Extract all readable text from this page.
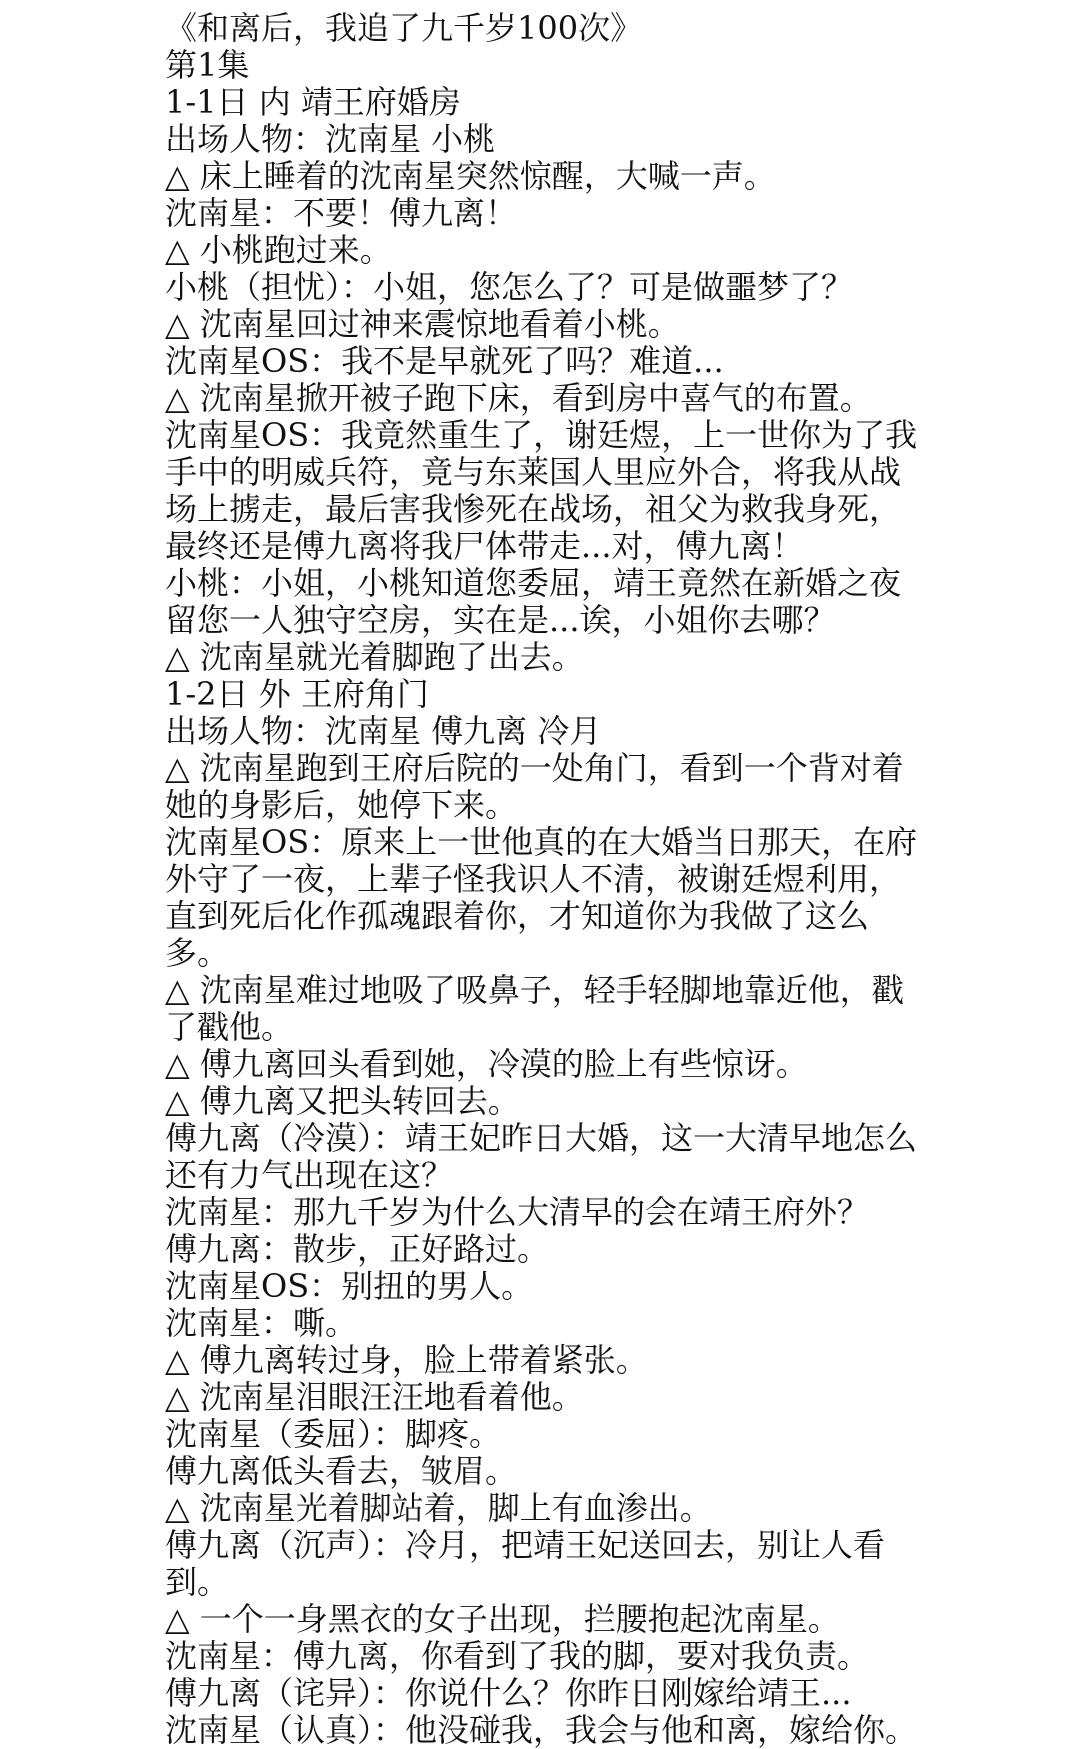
《和离后，我追了九千岁100次》

第1集

1-1日 内 靖王府婚房

出场人物：沈南星 小桃

△ 床上睡着的沈南星突然惊醒，大喊一声。

沈南星：不要！傅九离！

△ 小桃跑过来。

小桃（担忧）：小姐，您怎么了？可是做噩梦了？

△ 沈南星回过神来震惊地看着小桃。

沈南星OS：我不是早就死了吗？难道...

△ 沈南星掀开被子跑下床，看到房中喜气的布置。

沈南星OS：我竟然重生了，谢廷煜，上一世你为了我手中的明威兵符，竟与东莱国人里应外合，将我从战场上掳走，最后害我惨死在战场，祖父为救我身死，最终还是傅九离将我尸体带走...对，傅九离！

小桃：小姐，小桃知道您委屈，靖王竟然在新婚之夜留您一人独守空房，实在是...诶，小姐你去哪？

△ 沈南星就光着脚跑了出去。

1-2日 外 王府角门

出场人物：沈南星 傅九离 冷月

△ 沈南星跑到王府后院的一处角门，看到一个背对着她的身影后，她停下来。

沈南星OS：原来上一世他真的在大婚当日那天，在府外守了一夜，上辈子怪我识人不清，被谢廷煜利用，直到死后化作孤魂跟着你，才知道你为我做了这么多。

△ 沈南星难过地吸了吸鼻子，轻手轻脚地靠近他，戳了戳他。

△ 傅九离回头看到她，冷漠的脸上有些惊讶。

△ 傅九离又把头转回去。

傅九离（冷漠）：靖王妃昨日大婚，这一大清早地怎么还有力气出现在这？

沈南星：那九千岁为什么大清早的会在靖王府外？

傅九离：散步，正好路过。

沈南星OS：别扭的男人。

沈南星：嘶。

△ 傅九离转过身，脸上带着紧张。

△ 沈南星泪眼汪汪地看着他。

沈南星（委屈）：脚疼。

傅九离低头看去，皱眉。

△ 沈南星光着脚站着，脚上有血渗出。

傅九离（沉声）：冷月，把靖王妃送回去，别让人看到。

△ 一个一身黑衣的女子出现，拦腰抱起沈南星。

沈南星：傅九离，你看到了我的脚，要对我负责。

傅九离（诧异）：你说什么？你昨日刚嫁给靖王...

沈南星（认真）：他没碰我，我会与他和离，嫁给你。
